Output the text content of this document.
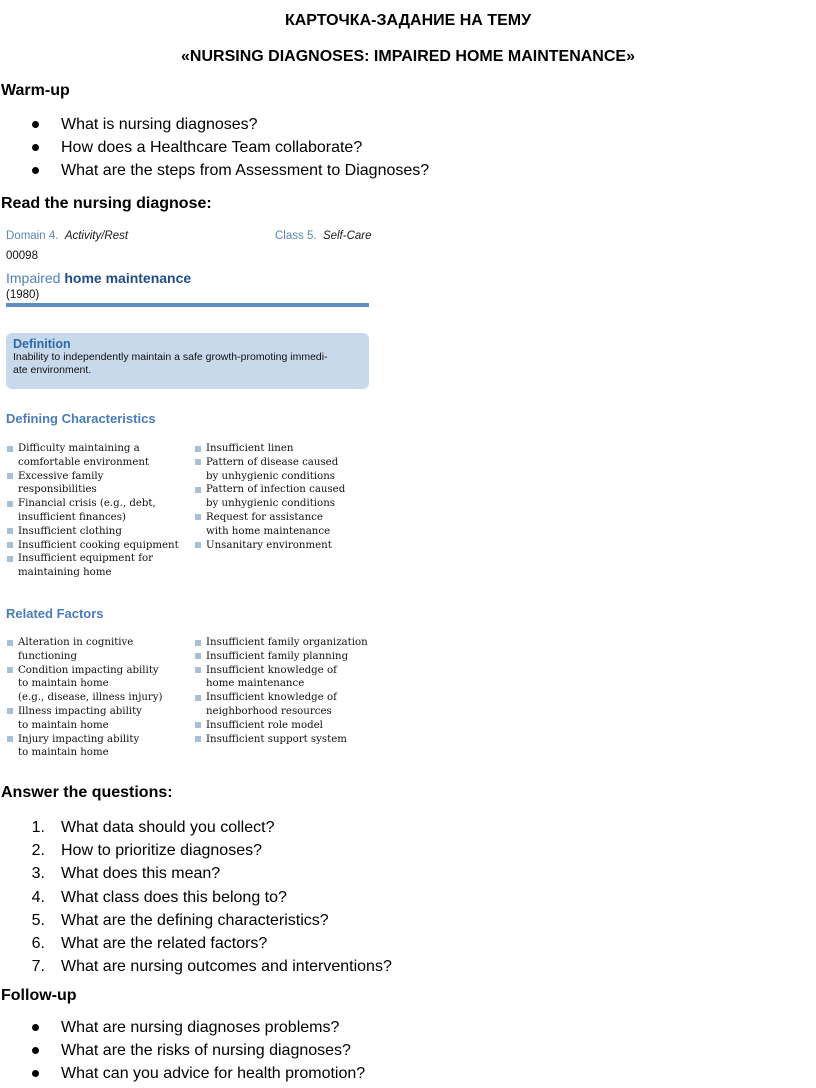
КАРТОЧКА-ЗАДАНИЕ НА ТЕМУ

«NURSING DIAGNOSES: IMPAIRED HOME MAINTENANCE»

Warm-up

What is nursing diagnoses?
How does a Healthcare Team collaborate?
What are the steps from Assessment to Diagnoses?

Read the nursing diagnose:

Domain 4. Activity/Rest	Class 5. Self-Care
00098
Impaired home maintenance
(1980)
Definition
Inability to independently maintain a safe growth-promoting immedi-
ate environment.
Defining Characteristics
Difficulty maintaining a
comfortable environment
Excessive family
responsibilities
Financial crisis (e.g., debt,
insufficient finances)
Insufficient clothing
Insufficient cooking equipment
Insufficient equipment for
maintaining home
Insufficient linen
Pattern of disease caused
by unhygienic conditions
Pattern of infection caused
by unhygienic conditions
Request for assistance
with home maintenance
Unsanitary environment
Related Factors
Alteration in cognitive
functioning
Condition impacting ability
to maintain home
(e.g., disease, illness injury)
Illness impacting ability
to maintain home
Injury impacting ability
to maintain home
Insufficient family organization
Insufficient family planning
Insufficient knowledge of
home maintenance
Insufficient knowledge of
neighborhood resources
Insufficient role model
Insufficient support system

Answer the questions:

1. What data should you collect?
2. How to prioritize diagnoses?
3. What does this mean?
4. What class does this belong to?
5. What are the defining characteristics?
6. What are the related factors?
7. What are nursing outcomes and interventions?

Follow-up

What are nursing diagnoses problems?
What are the risks of nursing diagnoses?
What can you advice for health promotion?
